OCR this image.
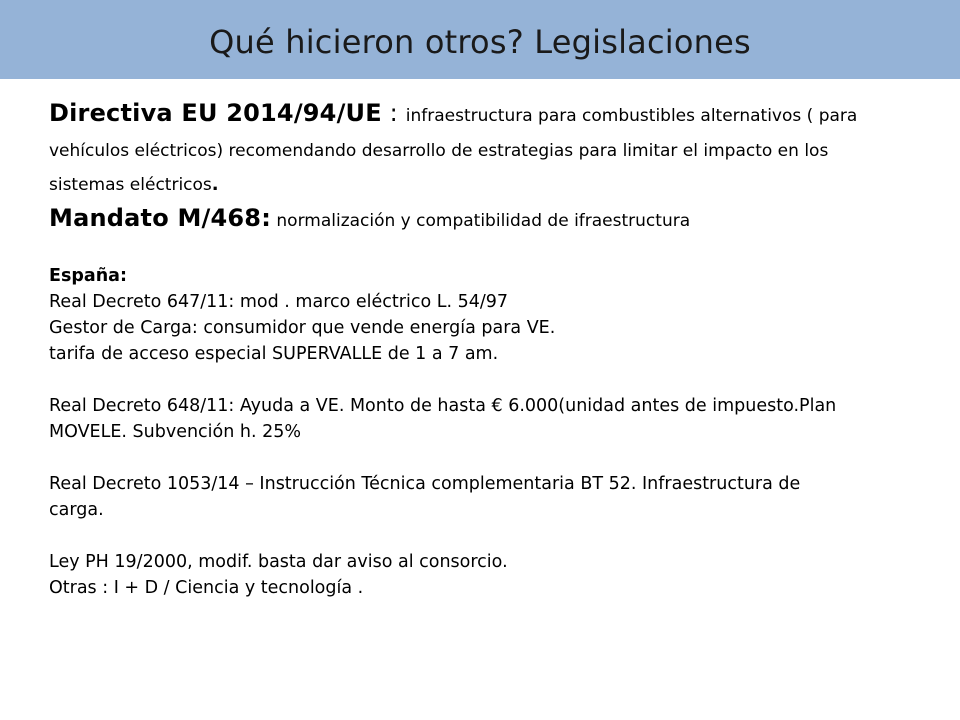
Qué hicieron otros? Legislaciones
Directiva EU 2014/94/UE : infraestructura para combustibles alternativos ( para
vehículos eléctricos) recomendando desarrollo de estrategias para limitar el impacto en los
sistemas eléctricos.
Mandato M/468: normalización y compatibilidad de ifraestructura
España:
Real Decreto 647/11: mod . marco eléctrico L. 54/97
Gestor de Carga: consumidor que vende energía para VE.
tarifa de acceso especial SUPERVALLE de 1 a 7 am.
Real Decreto 648/11: Ayuda a VE. Monto de hasta € 6.000(unidad antes de impuesto.Plan
MOVELE. Subvención h. 25%
Real Decreto 1053/14 – Instrucción Técnica complementaria BT 52. Infraestructura de
carga.
Ley PH 19/2000, modif. basta dar aviso al consorcio.
Otras : I + D / Ciencia y tecnología .
